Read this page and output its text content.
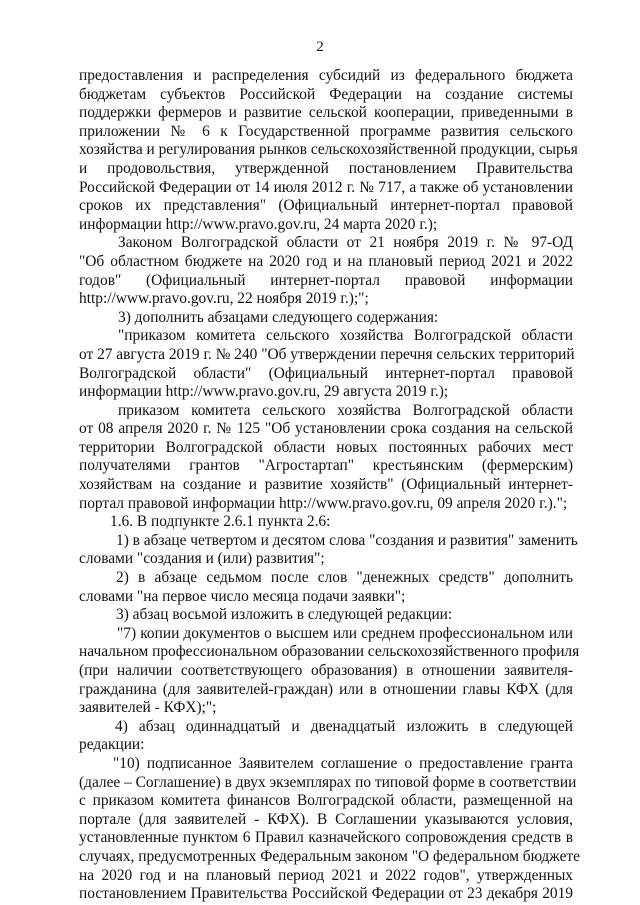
2
предоставления и распределения субсидий из федерального бюджета
бюджетам субъектов Российской Федерации на создание системы
поддержки фермеров и развитие сельской кооперации, приведенными в
приложении № 6 к Государственной программе развития сельского
хозяйства и регулирования рынков сельскохозяйственной продукции, сырья
и продовольствия, утвержденной постановлением Правительства
Российской Федерации от 14 июля 2012 г. № 717, а также об установлении
сроков их представления" (Официальный интернет-портал правовой
информации http://www.pravo.gov.ru, 24 марта 2020 г.);
Законом Волгоградской области от 21 ноября 2019 г. № 97-ОД
"Об областном бюджете на 2020 год и на плановый период 2021 и 2022
годов" (Официальный интернет-портал правовой информации
http://www.pravo.gov.ru, 22 ноября 2019 г.);";
3) дополнить абзацами следующего содержания:
"приказом комитета сельского хозяйства Волгоградской области
от 27 августа 2019 г. № 240 "Об утверждении перечня сельских территорий
Волгоградской области" (Официальный интернет-портал правовой
информации http://www.pravo.gov.ru, 29 августа 2019 г.);
приказом комитета сельского хозяйства Волгоградской области
от 08 апреля 2020 г. № 125 "Об установлении срока создания на сельской
территории Волгоградской области новых постоянных рабочих мест
получателями грантов "Агростартап" крестьянским (фермерским)
хозяйствам на создание и развитие хозяйств" (Официальный интернет-
портал правовой информации http://www.pravo.gov.ru, 09 апреля 2020 г.).";
1.6. В подпункте 2.6.1 пункта 2.6:
1) в абзаце четвертом и десятом слова "создания и развития" заменить
словами "создания и (или) развития";
2) в абзаце седьмом после слов "денежных средств" дополнить
словами "на первое число месяца подачи заявки";
3) абзац восьмой изложить в следующей редакции:
"7) копии документов о высшем или среднем профессиональном или
начальном профессиональном образовании сельскохозяйственного профиля
(при наличии соответствующего образования) в отношении заявителя-
гражданина (для заявителей-граждан) или в отношении главы КФХ (для
заявителей - КФХ);";
4) абзац одиннадцатый и двенадцатый изложить в следующей
редакции:
"10) подписанное Заявителем соглашение о предоставление гранта
(далее – Соглашение) в двух экземплярах по типовой форме в соответствии
с приказом комитета финансов Волгоградской области, размещенной на
портале (для заявителей - КФХ). В Соглашении указываются условия,
установленные пунктом 6 Правил казначейского сопровождения средств в
случаях, предусмотренных Федеральным законом "О федеральном бюджете
на 2020 год и на плановый период 2021 и 2022 годов", утвержденных
постановлением Правительства Российской Федерации от 23 декабря 2019
